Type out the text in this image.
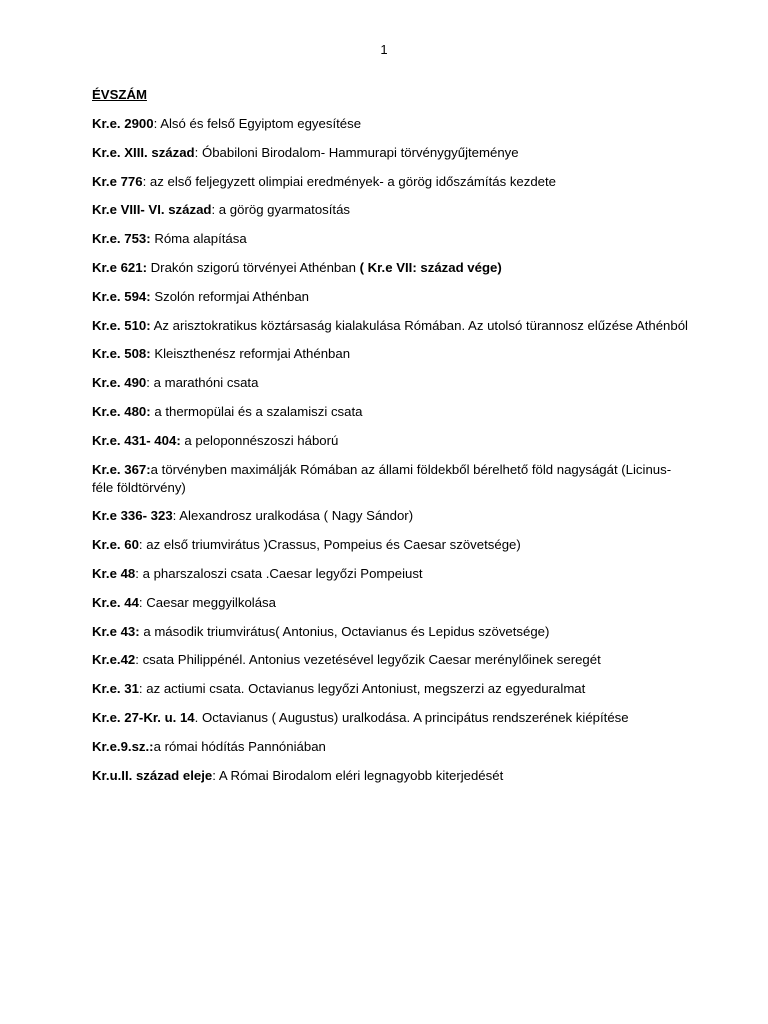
1
ÉVSZÁM
Kr.e. 2900: Alsó és felső Egyiptom egyesítése
Kr.e. XIII. század: Óbabiloni Birodalom- Hammurapi törvénygyűjteménye
Kr.e 776: az első feljegyzett olimpiai eredmények- a görög időszámítás kezdete
Kr.e VIII- VI. század: a görög gyarmatosítás
Kr.e. 753: Róma alapítása
Kr.e 621: Drakón szigorú törvényei Athénban ( Kr.e VII: század vége)
Kr.e. 594: Szolón reformjai Athénban
Kr.e. 510: Az arisztokratikus köztársaság kialakulása Rómában. Az utolsó türannosz elűzése Athénból
Kr.e. 508: Kleiszthenész reformjai Athénban
Kr.e. 490: a marathóni csata
Kr.e. 480: a thermopülai és a szalamiszi csata
Kr.e. 431- 404: a peloponnészoszi háború
Kr.e. 367:a törvényben maximálják Rómában az állami földekből bérelhető föld nagyságát (Licinus- féle földtörvény)
Kr.e 336- 323: Alexandrosz uralkodása ( Nagy Sándor)
Kr.e. 60: az első triumvirátus )Crassus, Pompeius és Caesar szövetsége)
Kr.e 48: a pharszaloszi csata .Caesar legyőzi Pompeiust
Kr.e. 44: Caesar meggyilkolása
Kr.e 43: a második triumvirátus( Antonius, Octavianus és Lepidus szövetsége)
Kr.e.42: csata Philippénél. Antonius vezetésével legyőzik Caesar merénylőinek seregét
Kr.e. 31: az actiumi csata. Octavianus legyőzi Antoniust, megszerzi az egyeduralmat
Kr.e. 27-Kr. u. 14. Octavianus ( Augustus) uralkodása. A principátus rendszerének kiépítése
Kr.e.9.sz.:a római hódítás Pannóniában
Kr.u.II. század eleje: A Római Birodalom eléri legnagyobb kiterjedését
